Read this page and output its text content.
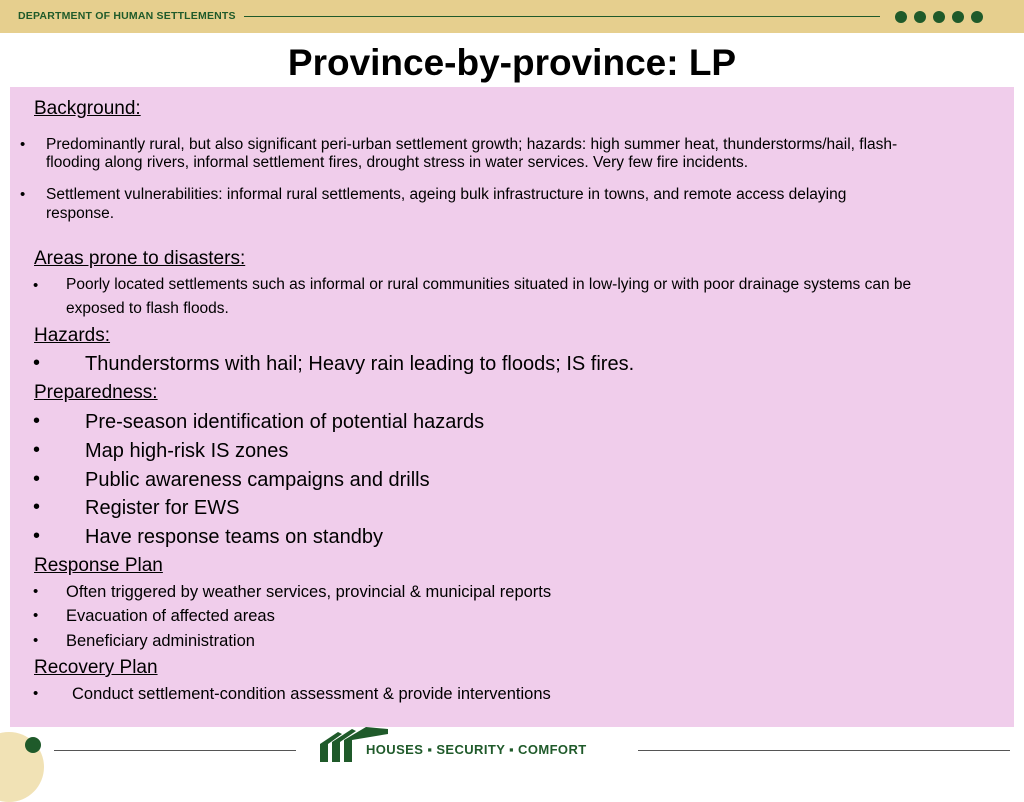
DEPARTMENT OF HUMAN SETTLEMENTS
Province-by-province: LP
Background:
• Predominantly rural, but also significant peri-urban settlement growth; hazards: high summer heat, thunderstorms/hail, flash-
flooding along rivers, informal settlement fires, drought stress in water services. Very few fire incidents.
• Settlement vulnerabilities: informal rural settlements, ageing bulk infrastructure in towns, and remote access delaying
response.
Areas prone to disasters:
• Poorly located settlements such as informal or rural communities situated in low-lying or with poor drainage systems can be
exposed to flash floods.
Hazards:
• Thunderstorms with hail; Heavy rain leading to floods; IS fires.
Preparedness:
• Pre-season identification of potential hazards
• Map high-risk IS zones
• Public awareness campaigns and drills
• Register for EWS
• Have response teams on standby
Response Plan
• Often triggered by weather services, provincial & municipal reports
• Evacuation of affected areas
• Beneficiary administration
Recovery Plan
• Conduct settlement-condition assessment & provide interventions
HOUSES ▪ SECURITY ▪ COMFORT
